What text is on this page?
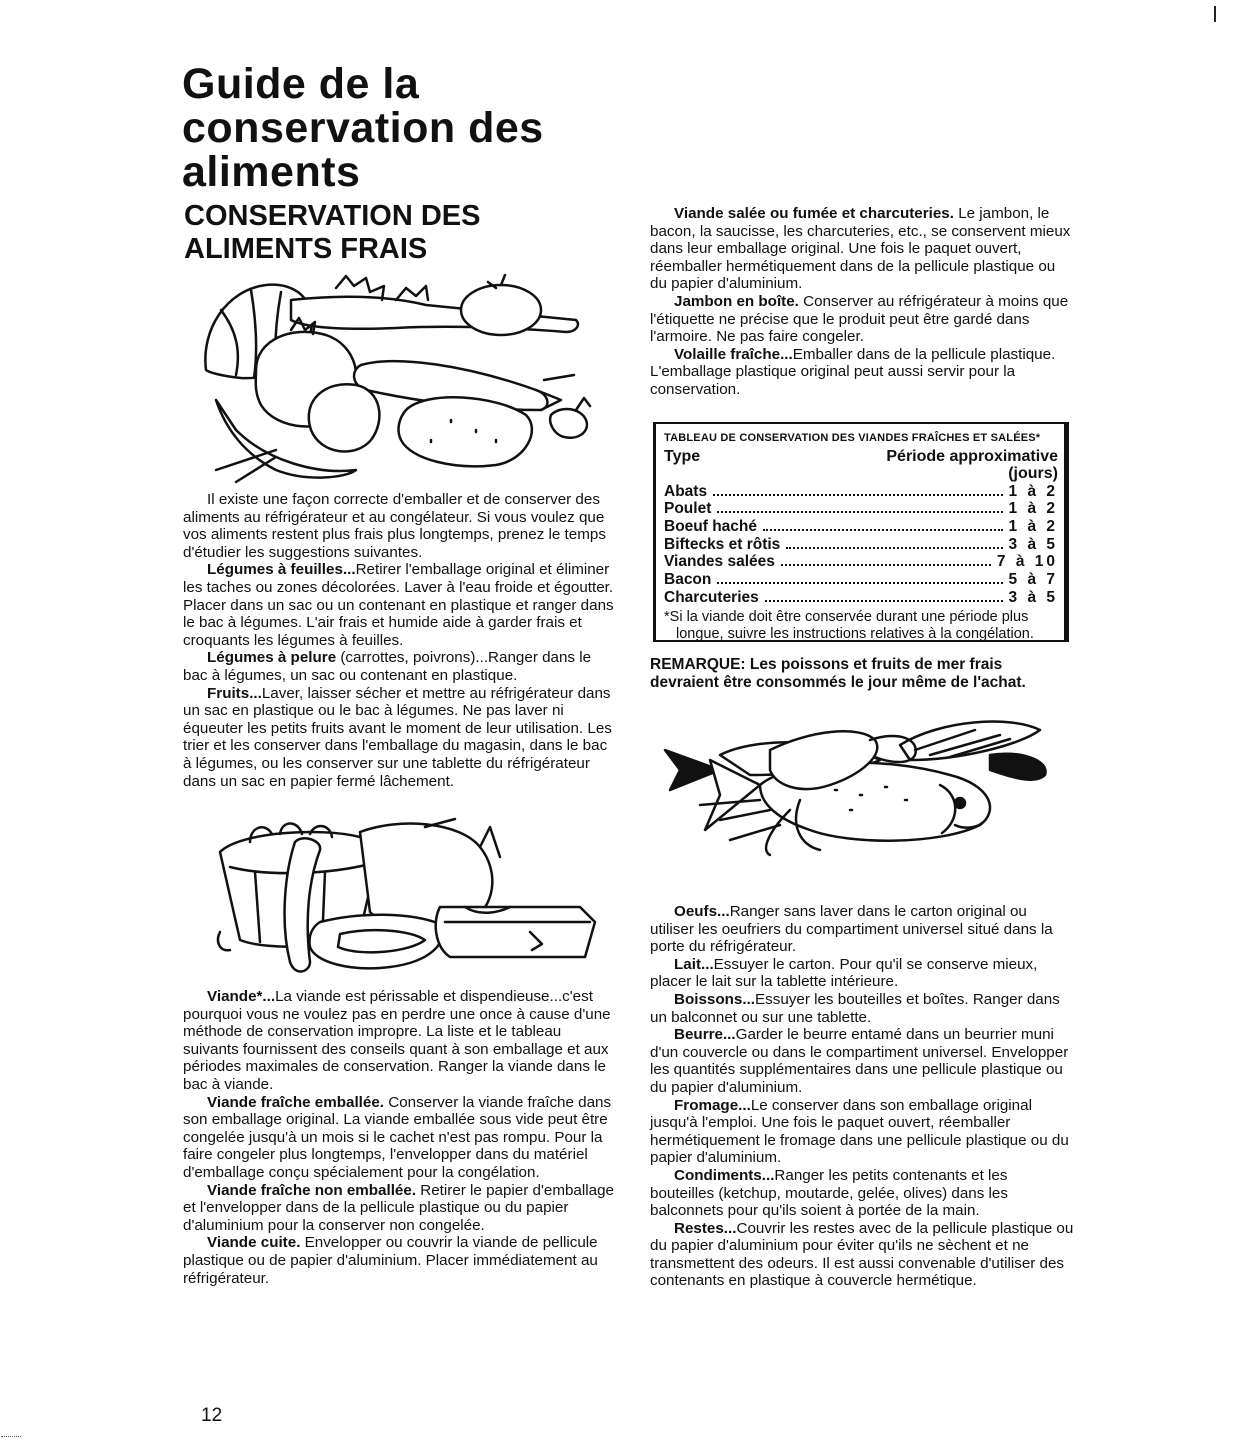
Guide de la conservation des aliments
CONSERVATION DES ALIMENTS FRAIS

Il existe une façon correcte d'emballer et de conserver des aliments au réfrigérateur et au congélateur. Si vous voulez que vos aliments restent plus frais plus longtemps, prenez le temps d'étudier les suggestions suivantes.

Légumes à feuilles...Retirer l'emballage original et éliminer les taches ou zones décolorées. Laver à l'eau froide et égoutter. Placer dans un sac ou un contenant en plastique et ranger dans le bac à légumes. L'air frais et humide aide à garder frais et croquants les légumes à feuilles.

Légumes à pelure (carrottes, poivrons)...Ranger dans le bac à légumes, un sac ou contenant en plastique.

Fruits...Laver, laisser sécher et mettre au réfrigérateur dans un sac en plastique ou le bac à légumes. Ne pas laver ni équeuter les petits fruits avant le moment de leur utilisation. Les trier et les conserver dans l'emballage du magasin, dans le bac à légumes, ou les conserver sur une tablette du réfrigérateur dans un sac en papier fermé lâchement.

Viande*...La viande est périssable et dispendieuse...c'est pourquoi vous ne voulez pas en perdre une once à cause d'une méthode de conservation impropre. La liste et le tableau suivants fournissent des conseils quant à son emballage et aux périodes maximales de conservation. Ranger la viande dans le bac à viande.

Viande fraîche emballée. Conserver la viande fraîche dans son emballage original. La viande emballée sous vide peut être congelée jusqu'à un mois si le cachet n'est pas rompu. Pour la faire congeler plus longtemps, l'envelopper dans du matériel d'emballage conçu spécialement pour la congélation.

Viande fraîche non emballée. Retirer le papier d'emballage et l'envelopper dans de la pellicule plastique ou du papier d'aluminium pour la conserver non congelée.

Viande cuite. Envelopper ou couvrir la viande de pellicule plastique ou de papier d'aluminium. Placer immédiatement au réfrigérateur.

Viande salée ou fumée et charcuteries. Le jambon, le bacon, la saucisse, les charcuteries, etc., se conservent mieux dans leur emballage original. Une fois le paquet ouvert, réemballer hermétiquement dans de la pellicule plastique ou du papier d'aluminium.

Jambon en boîte. Conserver au réfrigérateur à moins que l'étiquette ne précise que le produit peut être gardé dans l'armoire. Ne pas faire congeler.

Volaille fraîche...Emballer dans de la pellicule plastique. L'emballage plastique original peut aussi servir pour la conservation.

TABLEAU DE CONSERVATION DES VIANDES FRAÎCHES ET SALÉES*
Type	Période approximative
(jours)
Abats	1 à 2
Poulet	1 à 2
Boeuf haché	1 à 2
Biftecks et rôtis	3 à 5
Viandes salées	7 à 10
Bacon	5 à 7
Charcuteries	3 à 5
*Si la viande doit être conservée durant une période plus
longue, suivre les instructions relatives à la congélation.

REMARQUE: Les poissons et fruits de mer frais devraient être consommés le jour même de l'achat.

Oeufs...Ranger sans laver dans le carton original ou utiliser les oeufriers du compartiment universel situé dans la porte du réfrigérateur.

Lait...Essuyer le carton. Pour qu'il se conserve mieux, placer le lait sur la tablette intérieure.

Boissons...Essuyer les bouteilles et boîtes. Ranger dans un balconnet ou sur une tablette.

Beurre...Garder le beurre entamé dans un beurrier muni d'un couvercle ou dans le compartiment universel. Envelopper les quantités supplémentaires dans une pellicule plastique ou du papier d'aluminium.

Fromage...Le conserver dans son emballage original jusqu'à l'emploi. Une fois le paquet ouvert, réemballer hermétiquement le fromage dans une pellicule plastique ou du papier d'aluminium.

Condiments...Ranger les petits contenants et les bouteilles (ketchup, moutarde, gelée, olives) dans les balconnets pour qu'ils soient à portée de la main.

Restes...Couvrir les restes avec de la pellicule plastique ou du papier d'aluminium pour éviter qu'ils ne sèchent et ne transmettent des odeurs. Il est aussi convenable d'utiliser des contenants en plastique à couvercle hermétique.

12
